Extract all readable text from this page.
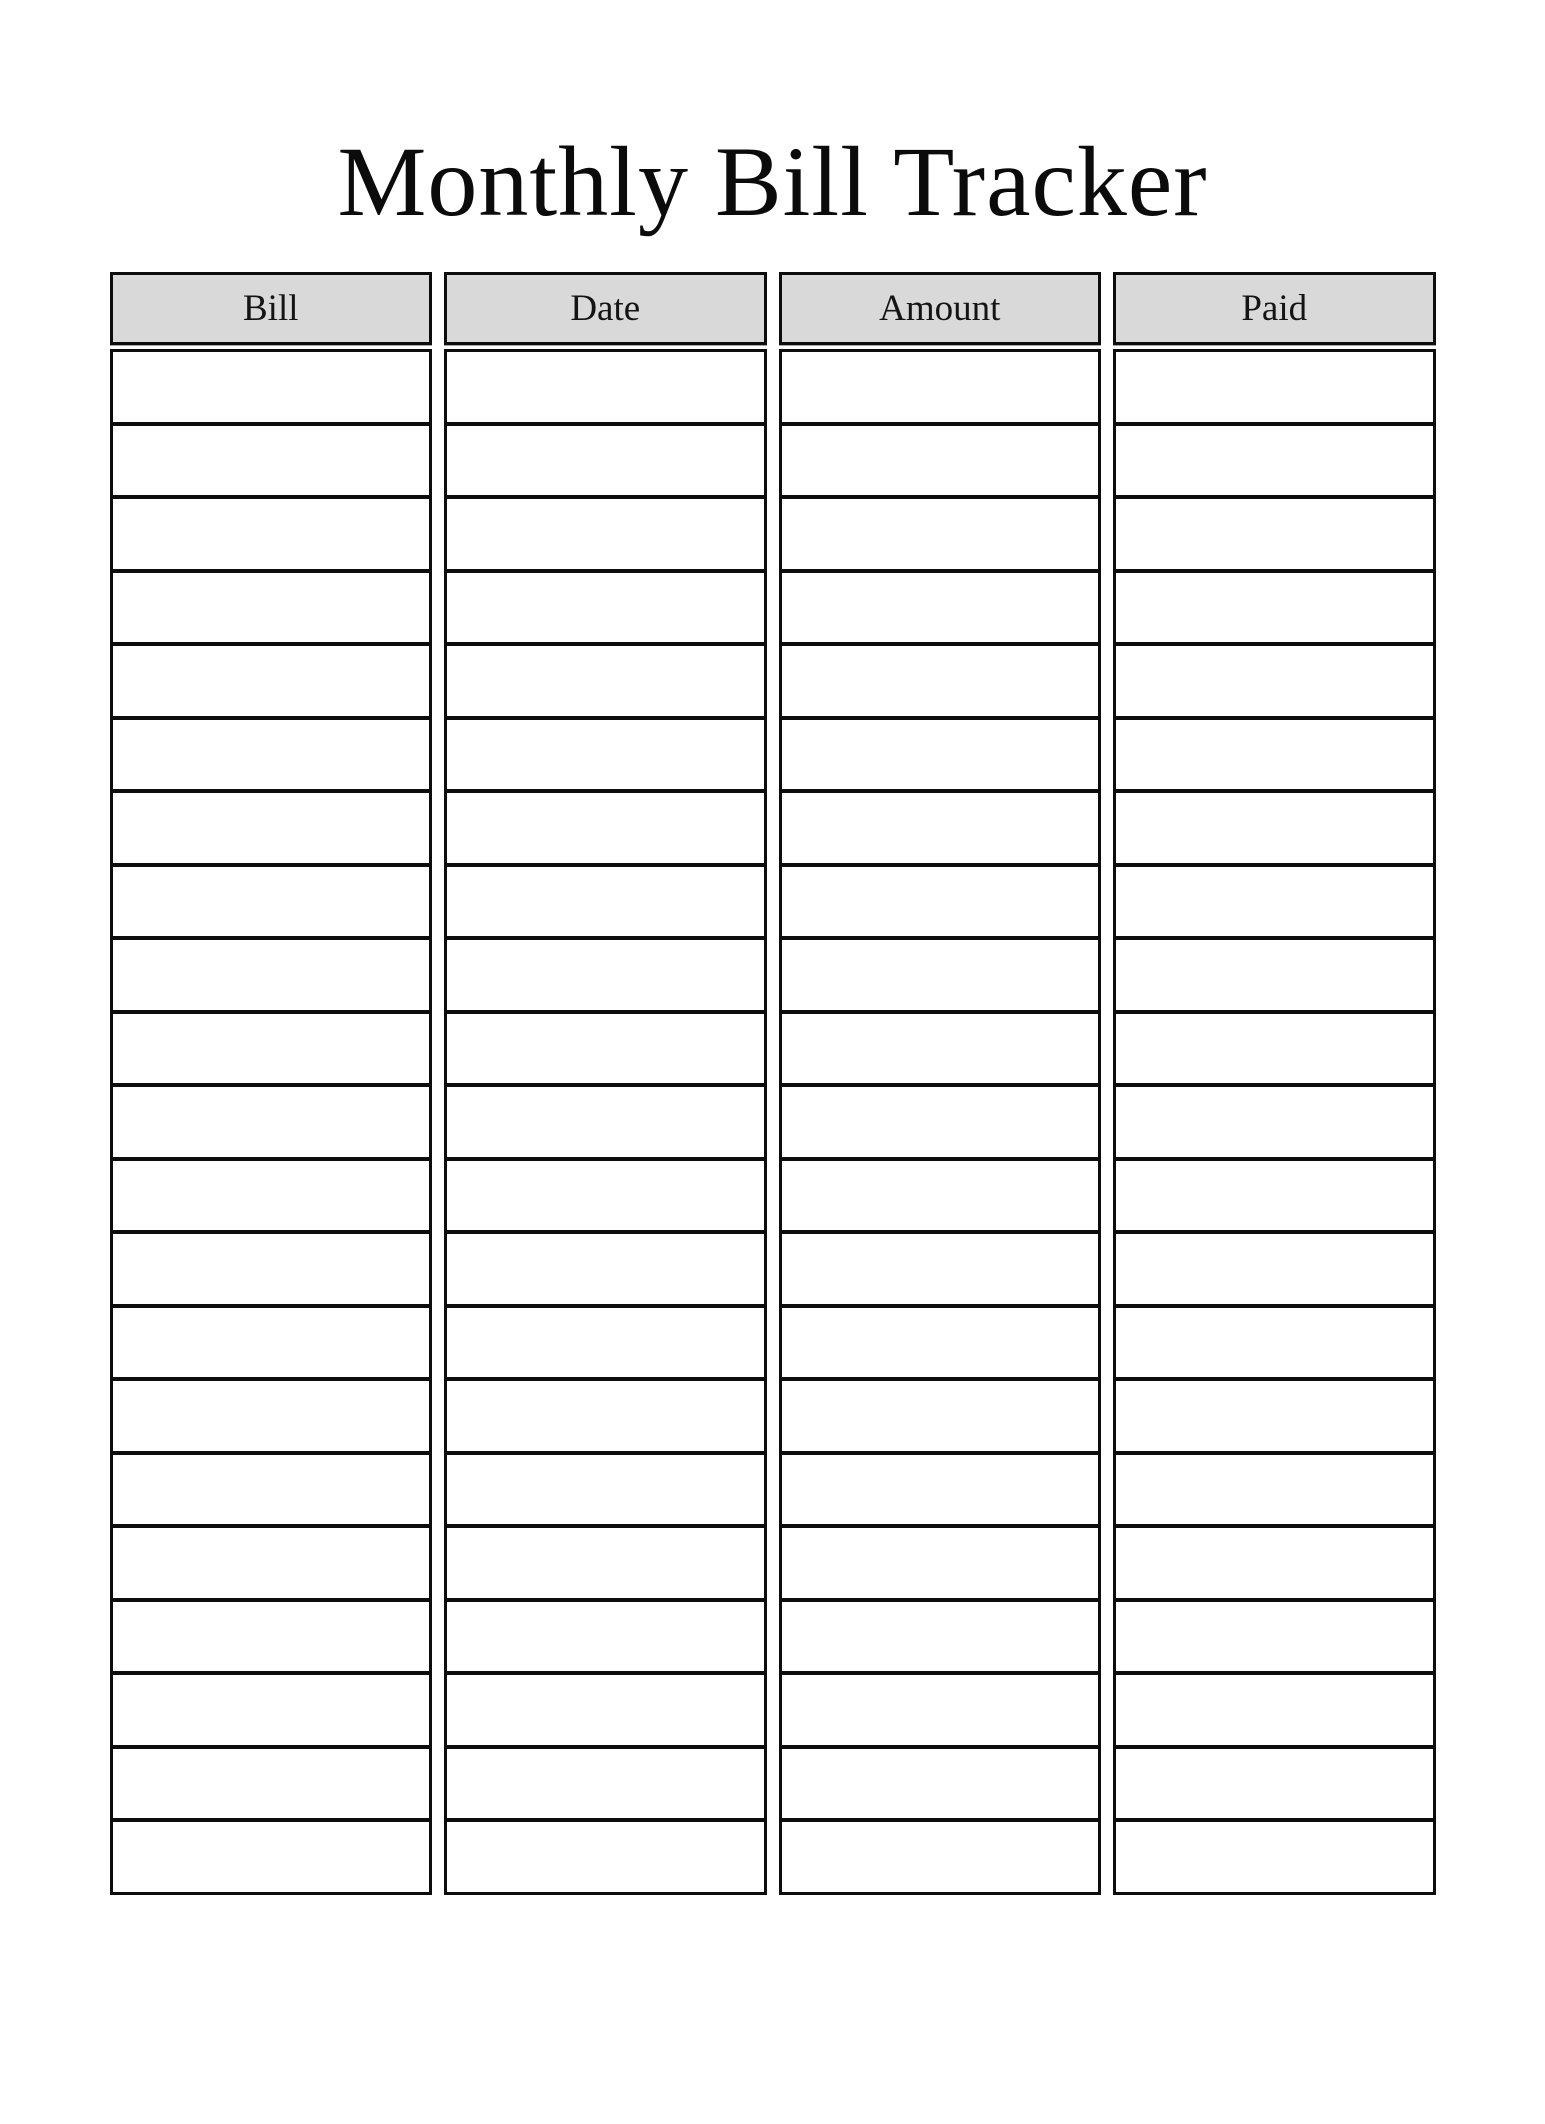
Monthly Bill Tracker
Bill	Date	Amount	Paid
